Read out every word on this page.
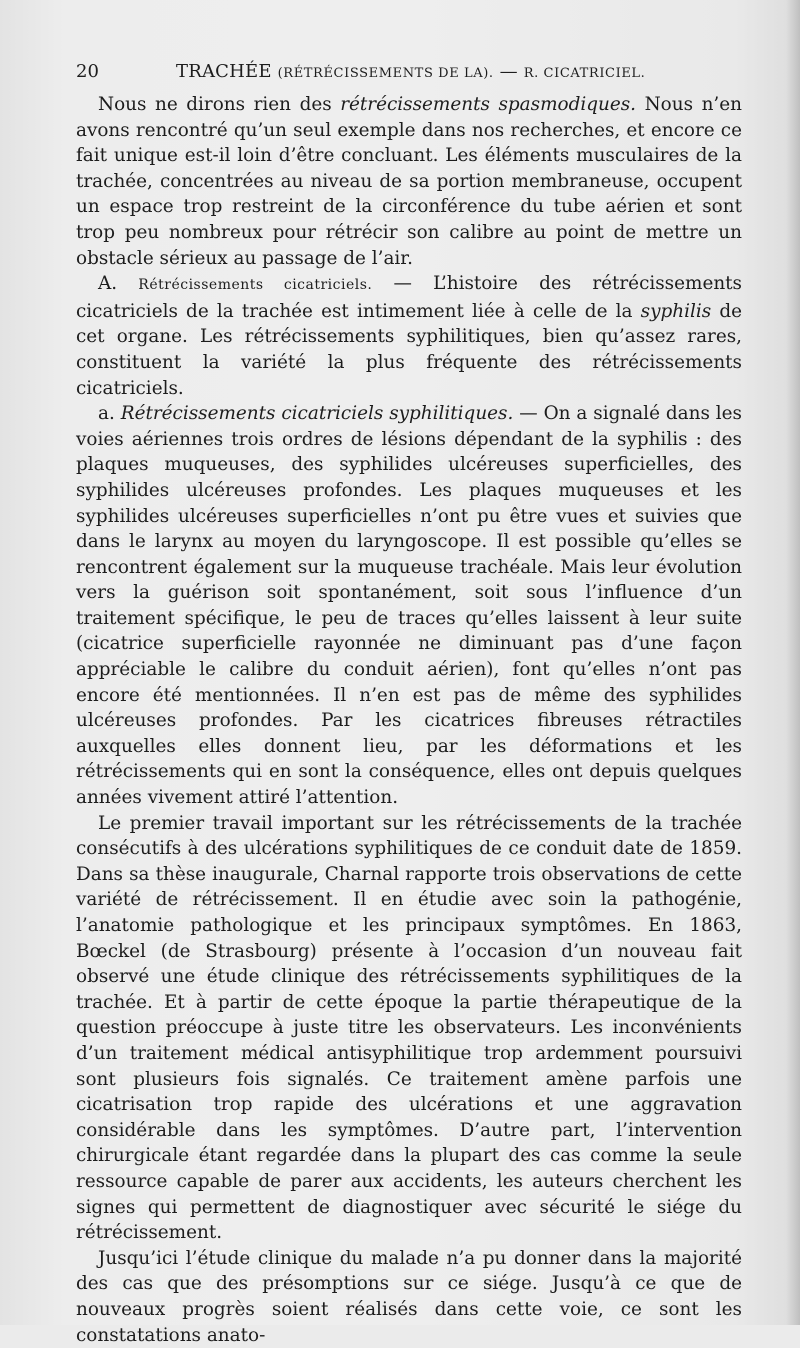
20	TRACHÉE (RÉTRÉCISSEMENTS DE LA). — R. CICATRICIEL.

Nous ne dirons rien des rétrécissements spasmodiques. Nous n’en avons rencontré qu’un seul exemple dans nos recherches, et encore ce fait unique est-il loin d’être concluant. Les éléments musculaires de la trachée, concentrées au niveau de sa portion membraneuse, occupent un espace trop restreint de la circonférence du tube aérien et sont trop peu nombreux pour rétrécir son calibre au point de mettre un obstacle sérieux au passage de l’air.

A. Rétrécissements cicatriciels. — L’histoire des rétrécissements cicatriciels de la trachée est intimement liée à celle de la syphilis de cet organe. Les rétrécissements syphilitiques, bien qu’assez rares, constituent la variété la plus fréquente des rétrécissements cicatriciels.

a. Rétrécissements cicatriciels syphilitiques. — On a signalé dans les voies aériennes trois ordres de lésions dépendant de la syphilis : des plaques muqueuses, des syphilides ulcéreuses superficielles, des syphilides ulcéreuses profondes. Les plaques muqueuses et les syphilides ulcéreuses superficielles n’ont pu être vues et suivies que dans le larynx au moyen du laryngoscope. Il est possible qu’elles se rencontrent également sur la muqueuse trachéale. Mais leur évolution vers la guérison soit spontanément, soit sous l’influence d’un traitement spécifique, le peu de traces qu’elles laissent à leur suite (cicatrice superficielle rayonnée ne diminuant pas d’une façon appréciable le calibre du conduit aérien), font qu’elles n’ont pas encore été mentionnées. Il n’en est pas de même des syphilides ulcéreuses profondes. Par les cicatrices fibreuses rétractiles auxquelles elles donnent lieu, par les déformations et les rétrécissements qui en sont la conséquence, elles ont depuis quelques années vivement attiré l’attention.

Le premier travail important sur les rétrécissements de la trachée consécutifs à des ulcérations syphilitiques de ce conduit date de 1859. Dans sa thèse inaugurale, Charnal rapporte trois observations de cette variété de rétrécissement. Il en étudie avec soin la pathogénie, l’anatomie pathologique et les principaux symptômes. En 1863, Bœckel (de Strasbourg) présente à l’occasion d’un nouveau fait observé une étude clinique des rétrécissements syphilitiques de la trachée. Et à partir de cette époque la partie thérapeutique de la question préoccupe à juste titre les observateurs. Les inconvénients d’un traitement médical antisyphilitique trop ardemment poursuivi sont plusieurs fois signalés. Ce traitement amène parfois une cicatrisation trop rapide des ulcérations et une aggravation considérable dans les symptômes. D’autre part, l’intervention chirurgicale étant regardée dans la plupart des cas comme la seule ressource capable de parer aux accidents, les auteurs cherchent les signes qui permettent de diagnostiquer avec sécurité le siége du rétrécissement.

Jusqu’ici l’étude clinique du malade n’a pu donner dans la majorité des cas que des présomptions sur ce siége. Jusqu’à ce que de nouveaux progrès soient réalisés dans cette voie, ce sont les constatations anato-
